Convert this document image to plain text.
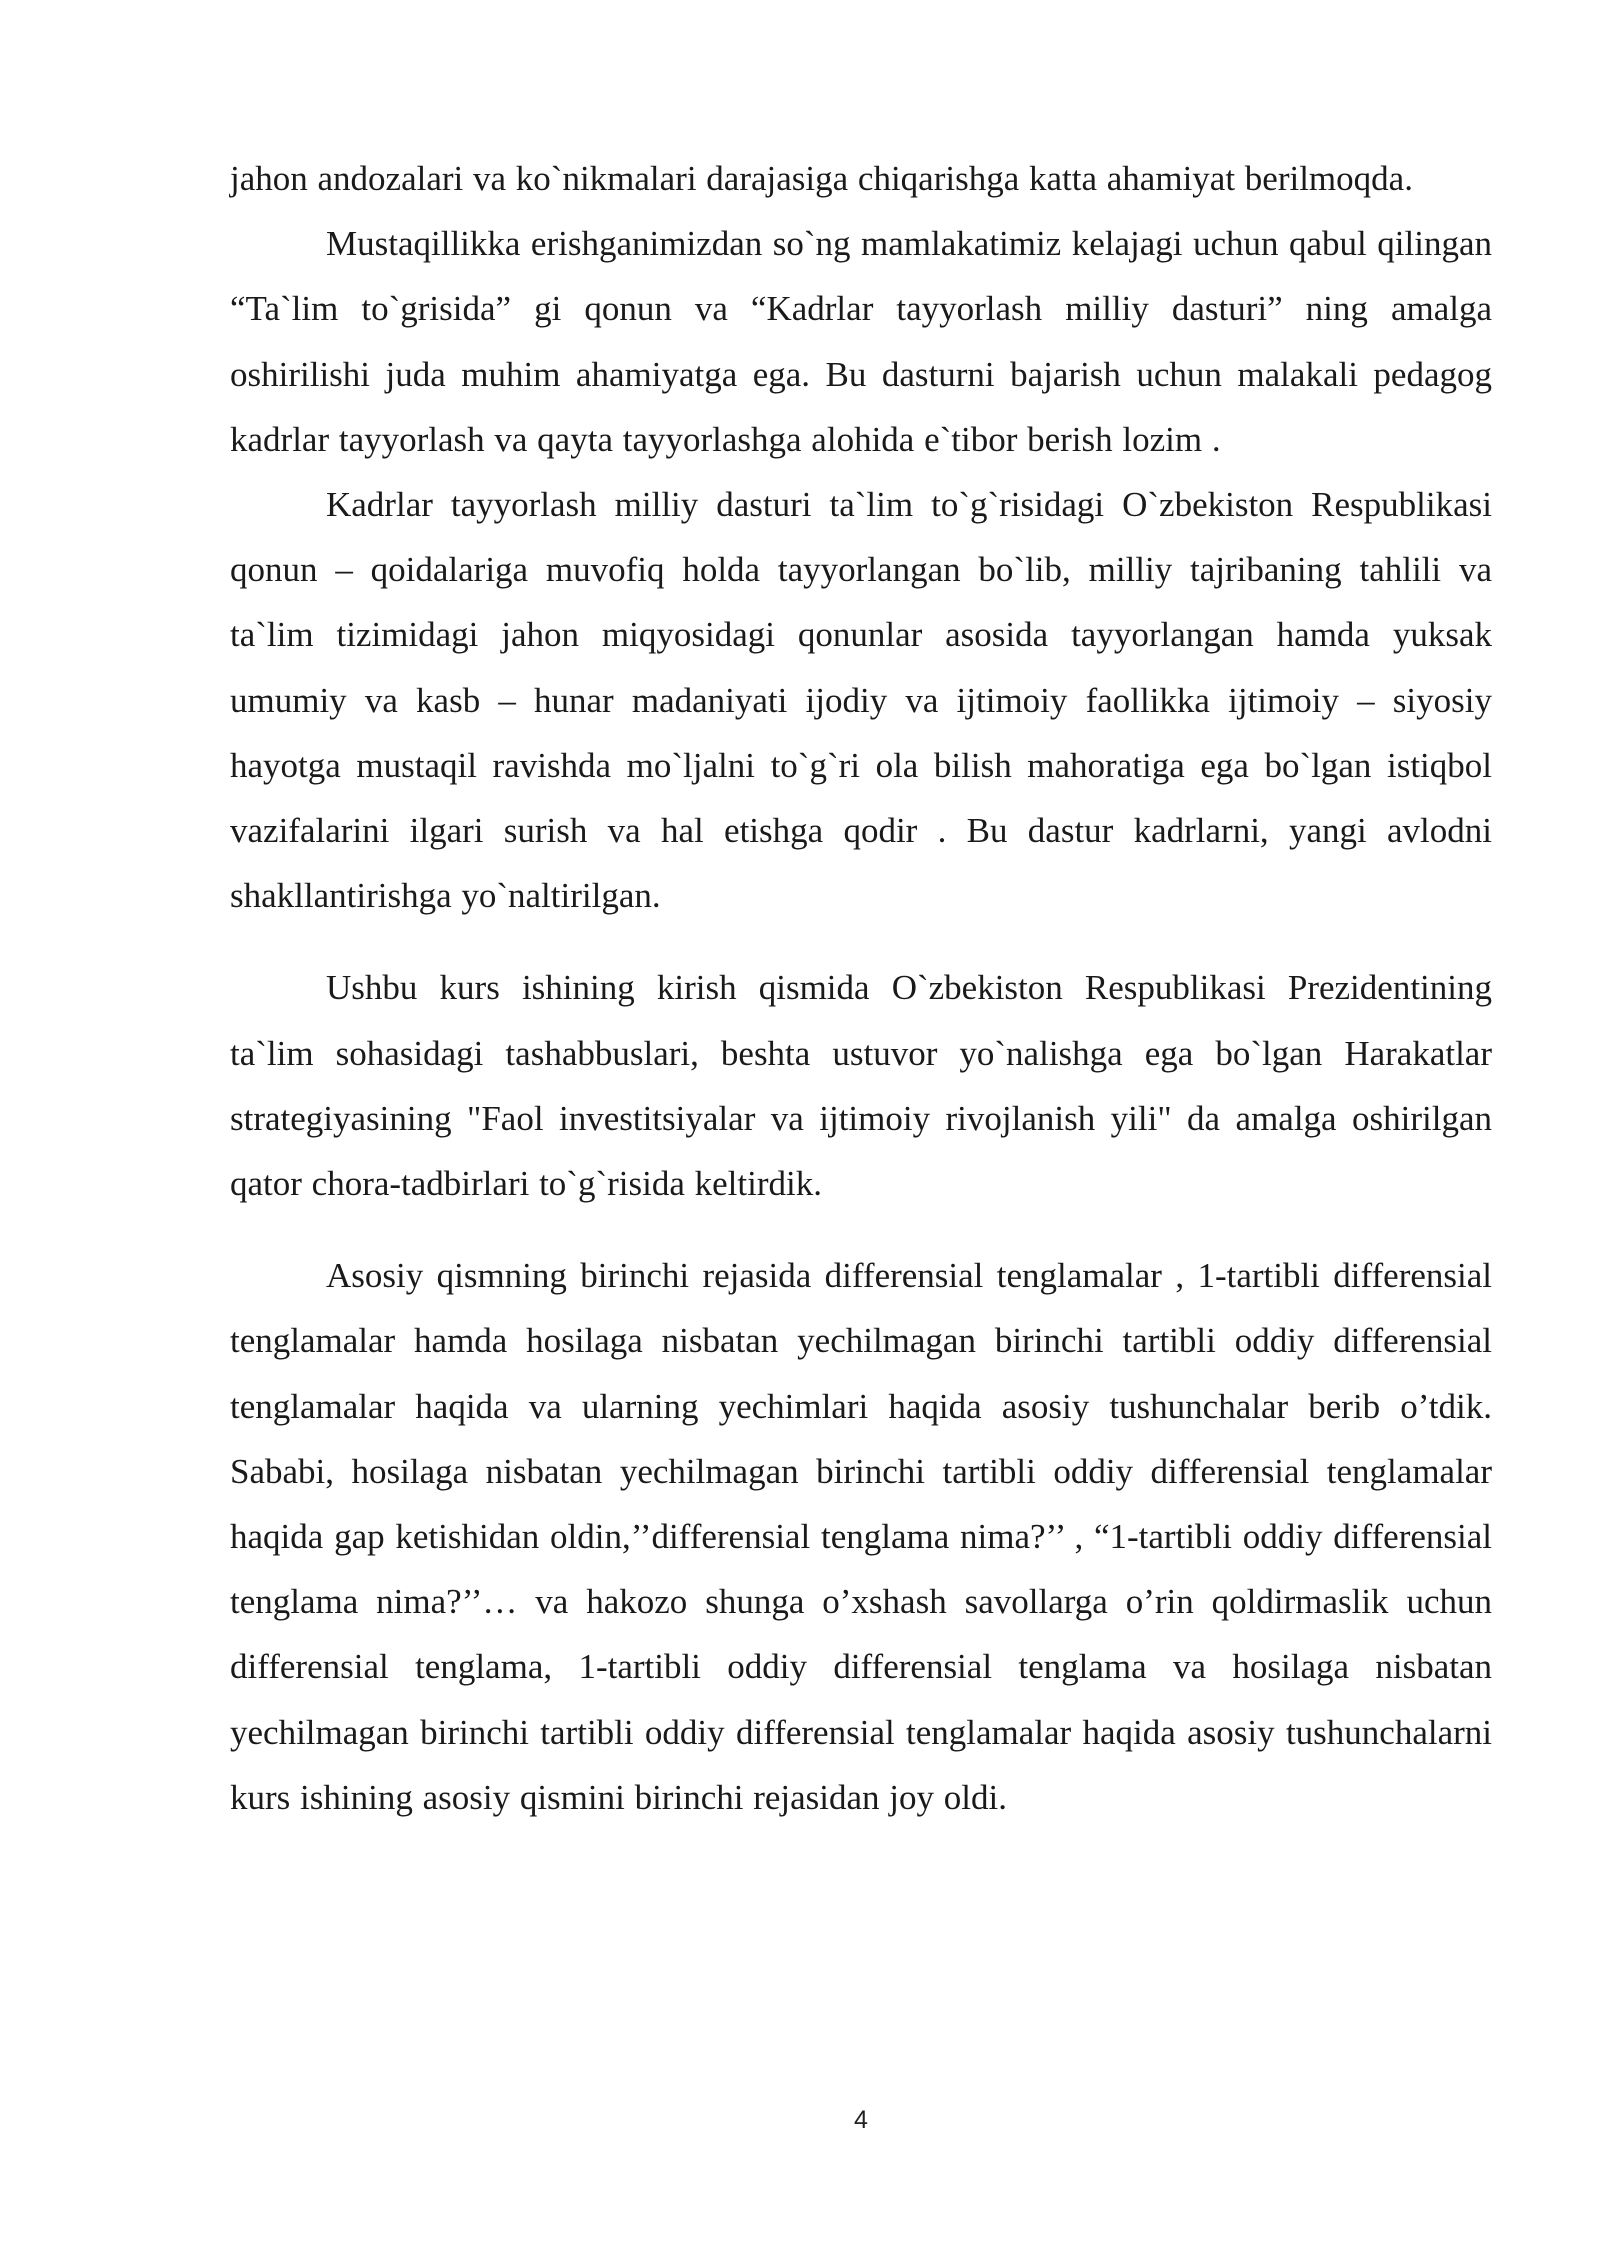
jahon andozalari va ko`nikmalari darajasiga chiqarishga katta ahamiyat berilmoqda.

Mustaqillikka erishganimizdan so`ng mamlakatimiz kelajagi uchun qabul qilingan “Ta`lim to`grisida” gi qonun va “Kadrlar tayyorlash milliy dasturi” ning amalga oshirilishi juda muhim ahamiyatga ega. Bu dasturni bajarish uchun malakali pedagog kadrlar tayyorlash va qayta tayyorlashga alohida e`tibor berish lozim .

Kadrlar tayyorlash milliy dasturi ta`lim to`g`risidagi O`zbekiston Respublikasi qonun – qoidalariga muvofiq holda tayyorlangan bo`lib, milliy tajribaning tahlili va ta`lim tizimidagi jahon miqyosidagi qonunlar asosida tayyorlangan hamda yuksak umumiy va kasb – hunar madaniyati ijodiy va ijtimoiy faollikka ijtimoiy – siyosiy hayotga mustaqil ravishda mo`ljalni to`g`ri ola bilish mahoratiga ega bo`lgan istiqbol vazifalarini ilgari surish va hal etishga qodir . Bu dastur kadrlarni, yangi avlodni shakllantirishga yo`naltirilgan.

Ushbu kurs ishining kirish qismida O`zbekiston Respublikasi Prezidentining ta`lim sohasidagi tashabbuslari, beshta ustuvor yo`nalishga ega bo`lgan Harakatlar strategiyasining "Faol investitsiyalar va ijtimoiy rivojlanish yili" da amalga oshirilgan qator chora-tadbirlari to`g`risida keltirdik.

Asosiy qismning birinchi rejasida differensial tenglamalar , 1-tartibli differensial tenglamalar hamda hosilaga nisbatan yechilmagan birinchi tartibli oddiy differensial tenglamalar haqida va ularning yechimlari haqida asosiy tushunchalar berib o’tdik. Sababi, hosilaga nisbatan yechilmagan birinchi tartibli oddiy differensial tenglamalar haqida gap ketishidan oldin,’’differensial tenglama nima?’’ , “1-tartibli oddiy differensial tenglama nima?’’… va hakozo shunga o’xshash savollarga o’rin qoldirmaslik uchun differensial tenglama, 1-tartibli oddiy differensial tenglama va hosilaga nisbatan yechilmagan birinchi tartibli oddiy differensial tenglamalar haqida asosiy tushunchalarni kurs ishining asosiy qismini birinchi rejasidan joy oldi.

4
